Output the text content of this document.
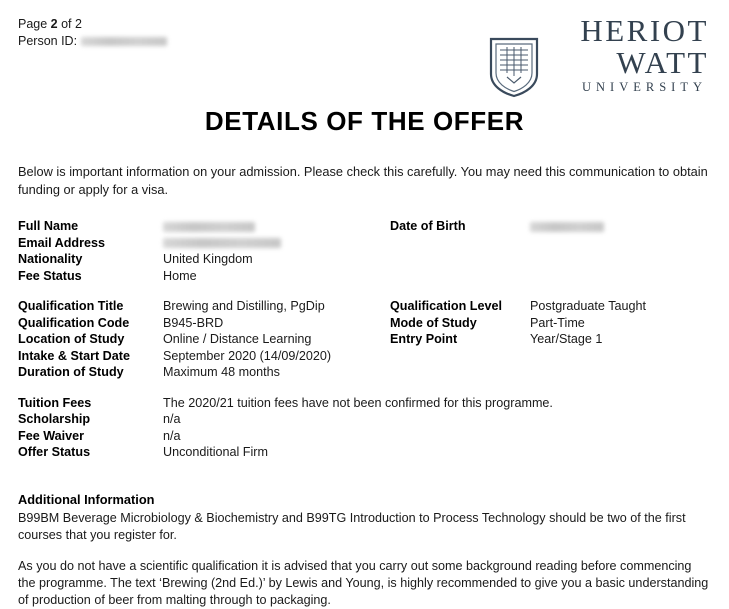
Page 2 of 2
Person ID:	HERIOT
WATT
UNIVERSITY
DETAILS OF THE OFFER

Below is important information on your admission. Please check this carefully. You may need this communication to obtain funding or apply for a visa.

Full Name	Date of Birth
Email Address
Nationality	United Kingdom
Fee Status	Home
Qualification Title	Brewing and Distilling, PgDip	Qualification Level	Postgraduate Taught
Qualification Code	B945-BRD	Mode of Study	Part-Time
Location of Study	Online / Distance Learning	Entry Point	Year/Stage 1
Intake & Start Date	September 2020 (14/09/2020)
Duration of Study	Maximum 48 months
Tuition Fees	The 2020/21 tuition fees have not been confirmed for this programme.
Scholarship	n/a
Fee Waiver	n/a
Offer Status	Unconditional Firm
Additional Information

B99BM Beverage Microbiology & Biochemistry and B99TG Introduction to Process Technology should be two of the first courses that you register for.

As you do not have a scientific qualification it is advised that you carry out some background reading before commencing the programme. The text ‘Brewing (2nd Ed.)’ by Lewis and Young, is highly recommended to give you a basic understanding of production of beer from malting through to packaging.
